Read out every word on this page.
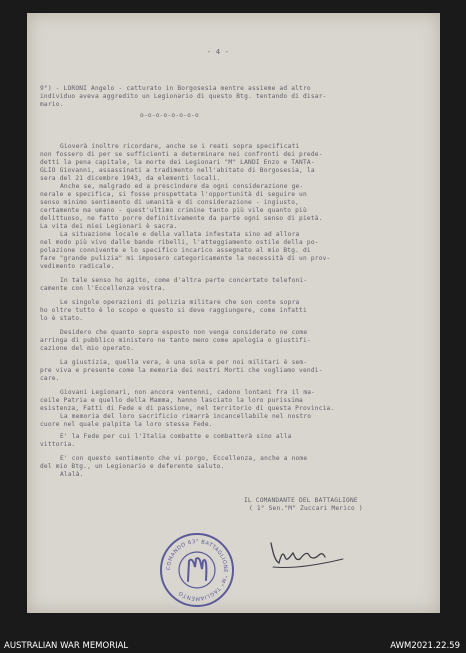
- 4 -
9°) - LORONI Angelo - catturato in Borgosesia mentre assieme ad altro
individuo aveva aggredito un Legionario di questo Btg. tentando di disar-
mario.
o-o-o-o-o-o-o-o
Gioverà inoltre ricordare, anche se i reati sopra specificati
non fossero di per se sufficienti a determinare nei confronti dei prede-
detti la pena capitale, la morte dei Legionari "M" LANDI Enzo e TANTA-
GLIO Giovanni, assassinati a tradimento nell'abitato di Borgosesia, la
sera del 21 dicembre 1943, da elementi locali.
Anche se, malgrado ed a prescindere da ogni considerazione ge-
nerale e specifica, si fosse prospettata l'opportunità di seguire un
senso minimo sentimento di umanità e di considerazione - ingiusto,
certamente ma umano - quest'ultimo crimine tanto più vile quanto più
delittuoso, ne fatto porre definitivamente da parte ogni senso di pietà.
La vita dei miei Legionari è sacra.
La situazione locale e della vallata infestata sino ad allora
nel modo più vivo dalle bande ribelli, l'atteggiamento ostile della po-
polazione connivente e lo specifico incarico assegnato al mio Btg. di
fare "grande pulizia" mi imposero categoricamente la necessità di un prov-
vedimento radicale.
In tale senso ho agito, come d'altra parte concertato telefoni-
camente con l'Eccellenza vostra.
Le singole operazioni di polizia militare che son conte sopra
ho oltre tutto è lo scopo e questo si deve raggiungere, come infatti
lo è stato.
Desidero che quanto sopra esposto non venga considerato ne come
arringa di pubblico ministero ne tanto meno come apologia o giustifi-
cazione del mio operato.
La giustizia, quella vera, è una sola e per noi militari è sem-
pre viva e presente come la memoria dei nostri Morti che vogliamo vendi-
care.
Giovani Legionari, non ancora ventenni, cadono lontani fra il ma-
ceile Patria e quello della Mamma, hanno lasciato la loro purissima
esistenza, Fatti di Fede e di passione, nel territorio di questa Provincia.
La memoria del loro sacrificio rimarrà incancellabile nel nostro
cuore nel quale palpita la loro stessa Fede.
E' la Fede per cui l'Italia combatte e combatterà sino alla
vittoria.
E' con questo sentimento che vi porgo, Eccellenza, anche a nome
del mio Btg., un Legionario e deferente saluto.
Alalà.
IL COMANDANTE DEL BATTAGLIONE
( 1° Sen."M" Zuccari Merico )
COMANDO 63° BATTAGLIONE "M" TAGLIAMENTO
AUSTRALIAN WAR MEMORIAL	AWM2021.22.59
